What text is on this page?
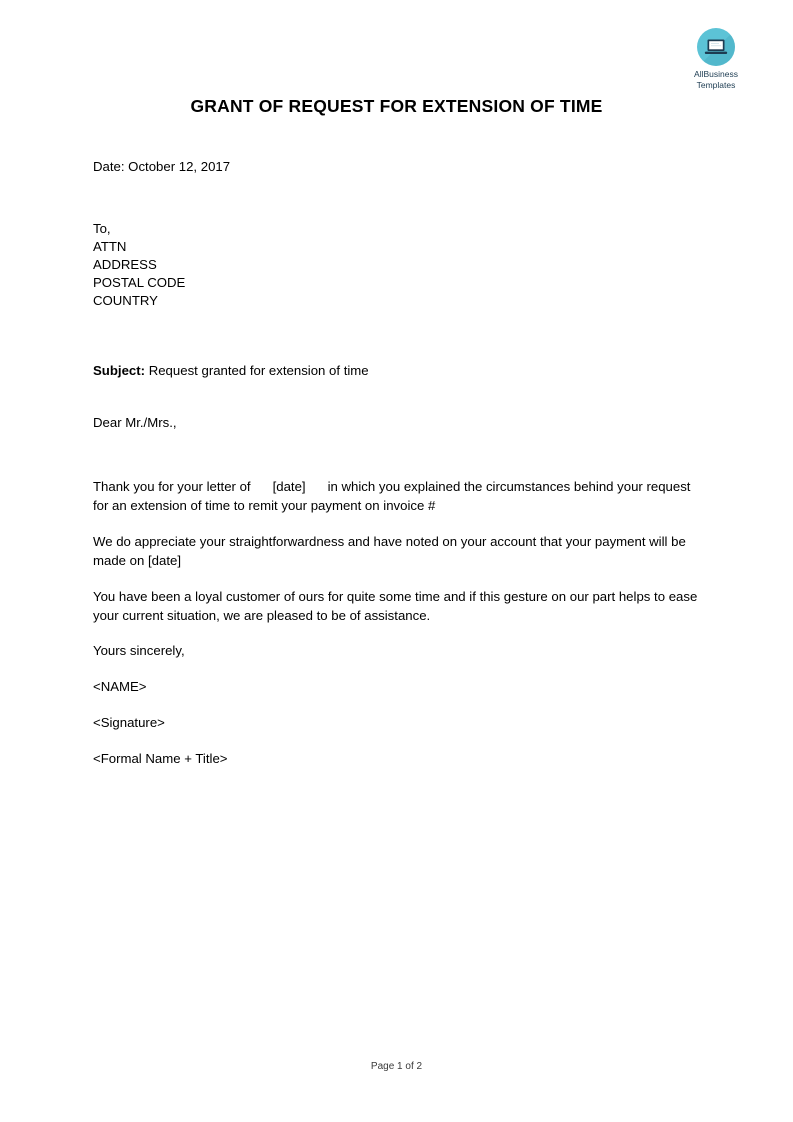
AllBusiness
Templates
GRANT OF REQUEST FOR EXTENSION OF TIME

Date: October 12, 2017

To,
ATTN
ADDRESS
POSTAL CODE
COUNTRY

Subject: Request granted for extension of time

Dear Mr./Mrs.,

Thank you for your letter of [date] in which you explained the circumstances behind your request for an extension of time to remit your payment on invoice #

We do appreciate your straightforwardness and have noted on your account that your payment will be made on [date]

You have been a loyal customer of ours for quite some time and if this gesture on our part helps to ease your current situation, we are pleased to be of assistance.

Yours sincerely,

<NAME>

<Signature>

<Formal Name + Title>

Page 1 of 2
